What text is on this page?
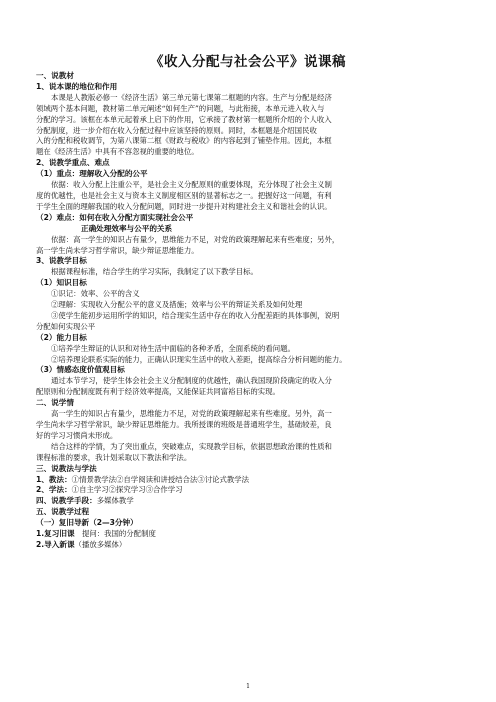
《收入分配与社会公平》说课稿

一、说教材

1、说本课的地位和作用

本课是人教版必修一《经济生活》第三单元第七课第二框题的内容。生产与分配是经济

领域两个基本问题，教材第二单元阐述“如何生产”的问题，与此衔接，本单元进入收入与

分配的学习。该框在本单元起着承上启下的作用，它承接了教材第一框题所介绍的个人收入

分配制度，进一步介绍在收入分配过程中应该坚持的原则。同时，本框题是介绍国民收

入的分配和税收调节，为第八课第二框《财政与税收》的内容起到了铺垫作用。因此，本框

题在《经济生活》中具有不容忽视的重要的地位。

2、说教学重点、难点

（1）重点：理解收入分配的公平

依据：收入分配上注重公平，是社会主义分配原则的重要体现，充分体现了社会主义制

度的优越性，也是社会主义与资本主义制度相区别的显著标志之一。把握好这一问题，有利

于学生全面的理解我国的收入分配问题，同时进一步提升对构建社会主义和谐社会的认识。

（2）难点：如何在收入分配方面实现社会公平

正确处理效率与公平的关系

依据：高一学生的知识占有量少，思维能力不足，对党的政策理解起来有些难度；另外，

高一学生尚未学习哲学常识，缺少辩证思维能力。

3、说教学目标

根据课程标准，结合学生的学习实际，我制定了以下教学目标。

（1）知识目标

①识记：效率、公平的含义

②理解：实现收入分配公平的意义及措施；效率与公平的辩证关系及如何处理

③使学生能初步运用所学的知识，结合现实生活中存在的收入分配差距的具体事例，说明

分配如何实现公平

（2）能力目标

①培养学生辩证的认识和对待生活中面临的各种矛盾，全面系统的看问题。

②培养理论联系实际的能力，正确认识现实生活中的收入差距，提高综合分析问题的能力。

（3）情感态度价值观目标

通过本节学习，使学生体会社会主义分配制度的优越性，确认我国现阶段确定的收入分

配原则和分配制度既有利于经济效率提高，又能保证共同富裕目标的实现。

二、说学情

高一学生的知识占有量少，思维能力不足，对党的政策理解起来有些难度。另外，高一

学生尚未学习哲学常识，缺少辩证思维能力。我所授课的班级是普通班学生，基础较差，良

好的学习习惯尚未形成。

结合这样的学情，为了突出重点，突破难点，实现教学目标，依据思想政治课的性质和

课程标准的要求，我计划采取以下教法和学法。

三、说教法与学法

1、教法：①情景教学法②自学阅读和讲授结合法③讨论式教学法

2、学法：①自主学习②探究学习③合作学习

四、说教学手段：多媒体教学

五、说教学过程

（一）复旧导新（2—3分钟）

1.复习旧课　提问：我国的分配制度

2.导入新课（播放多媒体）

1
